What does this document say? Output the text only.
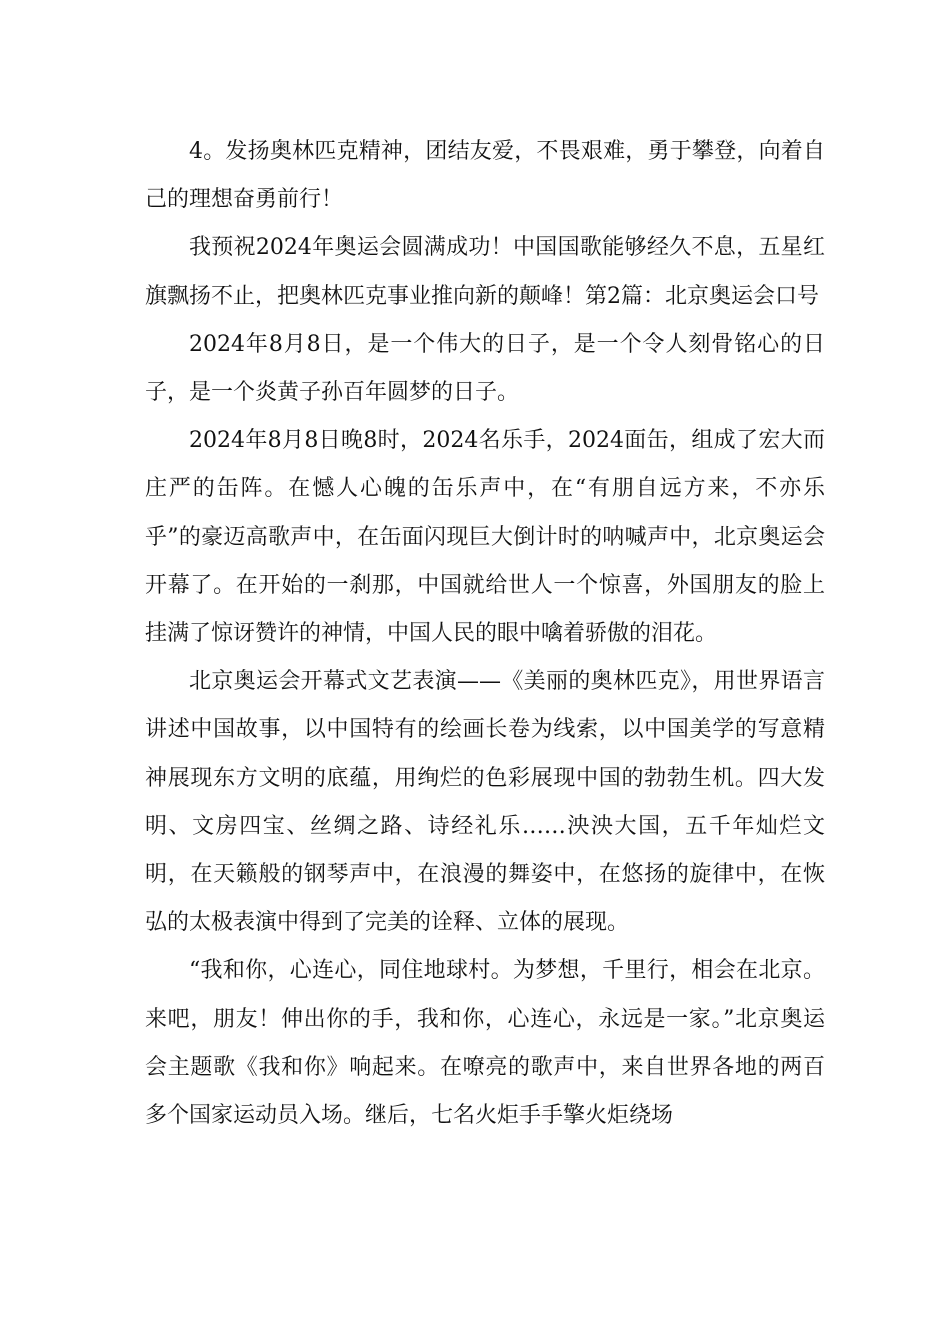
4。发扬奥林匹克精神，团结友爱，不畏艰难，勇于攀登，向着自己的理想奋勇前行！

我预祝2024年奥运会圆满成功！中国国歌能够经久不息，五星红旗飘扬不止，把奥林匹克事业推向新的颠峰！第2篇：北京奥运会口号

2024年8月8日，是一个伟大的日子，是一个令人刻骨铭心的日子，是一个炎黄子孙百年圆梦的日子。

2024年8月8日晚8时，2024名乐手，2024面缶，组成了宏大而庄严的缶阵。在憾人心魄的缶乐声中，在“有朋自远方来，不亦乐乎”的豪迈高歌声中，在缶面闪现巨大倒计时的呐喊声中，北京奥运会开幕了。在开始的一刹那，中国就给世人一个惊喜，外国朋友的脸上挂满了惊讶赞许的神情，中国人民的眼中噙着骄傲的泪花。

北京奥运会开幕式文艺表演——《美丽的奥林匹克》，用世界语言讲述中国故事，以中国特有的绘画长卷为线索，以中国美学的写意精神展现东方文明的底蕴，用绚烂的色彩展现中国的勃勃生机。四大发明、文房四宝、丝绸之路、诗经礼乐……泱泱大国，五千年灿烂文明，在天籁般的钢琴声中，在浪漫的舞姿中，在悠扬的旋律中，在恢弘的太极表演中得到了完美的诠释、立体的展现。

“我和你，心连心，同住地球村。为梦想，千里行，相会在北京。来吧，朋友！伸出你的手，我和你，心连心，永远是一家。”北京奥运会主题歌《我和你》响起来。在嘹亮的歌声中，来自世界各地的两百多个国家运动员入场。继后，七名火炬手手擎火炬绕场
